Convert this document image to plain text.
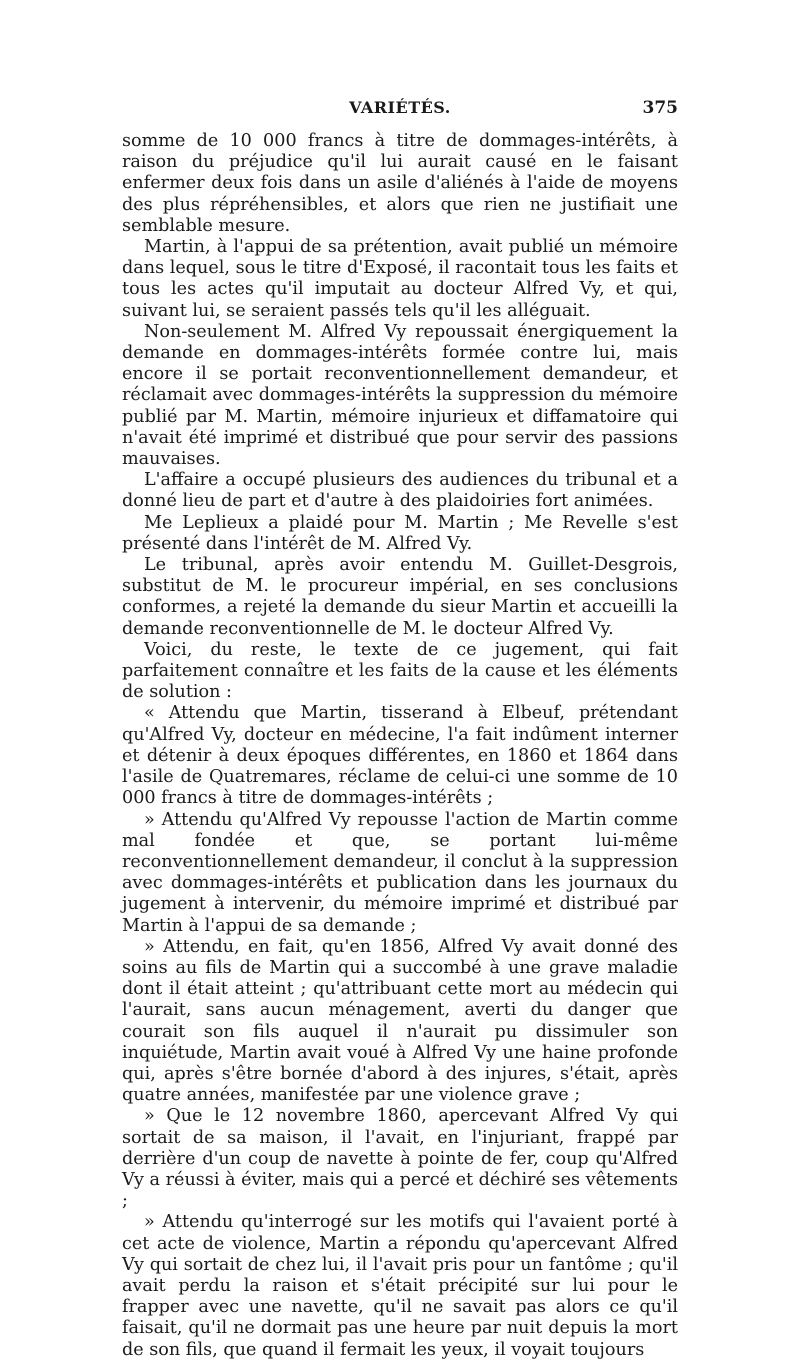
VARIÉTÉS.	375

somme de 10 000 francs à titre de dommages-intérêts, à raison du préjudice qu'il lui aurait causé en le faisant enfermer deux fois dans un asile d'aliénés à l'aide de moyens des plus répréhensibles, et alors que rien ne justifiait une semblable mesure.

Martin, à l'appui de sa prétention, avait publié un mémoire dans lequel, sous le titre d'Exposé, il racontait tous les faits et tous les actes qu'il imputait au docteur Alfred Vy, et qui, suivant lui, se seraient passés tels qu'il les alléguait.

Non-seulement M. Alfred Vy repoussait énergiquement la demande en dommages-intérêts formée contre lui, mais encore il se portait reconventionnellement demandeur, et réclamait avec dommages-intérêts la suppression du mémoire publié par M. Martin, mémoire injurieux et diffamatoire qui n'avait été imprimé et distribué que pour servir des passions mauvaises.

L'affaire a occupé plusieurs des audiences du tribunal et a donné lieu de part et d'autre à des plaidoiries fort animées.

Me Leplieux a plaidé pour M. Martin ; Me Revelle s'est présenté dans l'intérêt de M. Alfred Vy.

Le tribunal, après avoir entendu M. Guillet-Desgrois, substitut de M. le procureur impérial, en ses conclusions conformes, a rejeté la demande du sieur Martin et accueilli la demande reconventionnelle de M. le docteur Alfred Vy.

Voici, du reste, le texte de ce jugement, qui fait parfaitement connaître et les faits de la cause et les éléments de solution :

« Attendu que Martin, tisserand à Elbeuf, prétendant qu'Alfred Vy, docteur en médecine, l'a fait indûment interner et détenir à deux époques différentes, en 1860 et 1864 dans l'asile de Quatremares, réclame de celui-ci une somme de 10 000 francs à titre de dommages-intérêts ;

» Attendu qu'Alfred Vy repousse l'action de Martin comme mal fondée et que, se portant lui-même reconventionnellement demandeur, il conclut à la suppression avec dommages-intérêts et publication dans les journaux du jugement à intervenir, du mémoire imprimé et distribué par Martin à l'appui de sa demande ;

» Attendu, en fait, qu'en 1856, Alfred Vy avait donné des soins au fils de Martin qui a succombé à une grave maladie dont il était atteint ; qu'attribuant cette mort au médecin qui l'aurait, sans aucun ménagement, averti du danger que courait son fils auquel il n'aurait pu dissimuler son inquiétude, Martin avait voué à Alfred Vy une haine profonde qui, après s'être bornée d'abord à des injures, s'était, après quatre années, manifestée par une violence grave ;

» Que le 12 novembre 1860, apercevant Alfred Vy qui sortait de sa maison, il l'avait, en l'injuriant, frappé par derrière d'un coup de navette à pointe de fer, coup qu'Alfred Vy a réussi à éviter, mais qui a percé et déchiré ses vêtements ;

» Attendu qu'interrogé sur les motifs qui l'avaient porté à cet acte de violence, Martin a répondu qu'apercevant Alfred Vy qui sortait de chez lui, il l'avait pris pour un fantôme ; qu'il avait perdu la raison et s'était précipité sur lui pour le frapper avec une navette, qu'il ne savait pas alors ce qu'il faisait, qu'il ne dormait pas une heure par nuit depuis la mort de son fils, que quand il fermait les yeux, il voyait toujours
